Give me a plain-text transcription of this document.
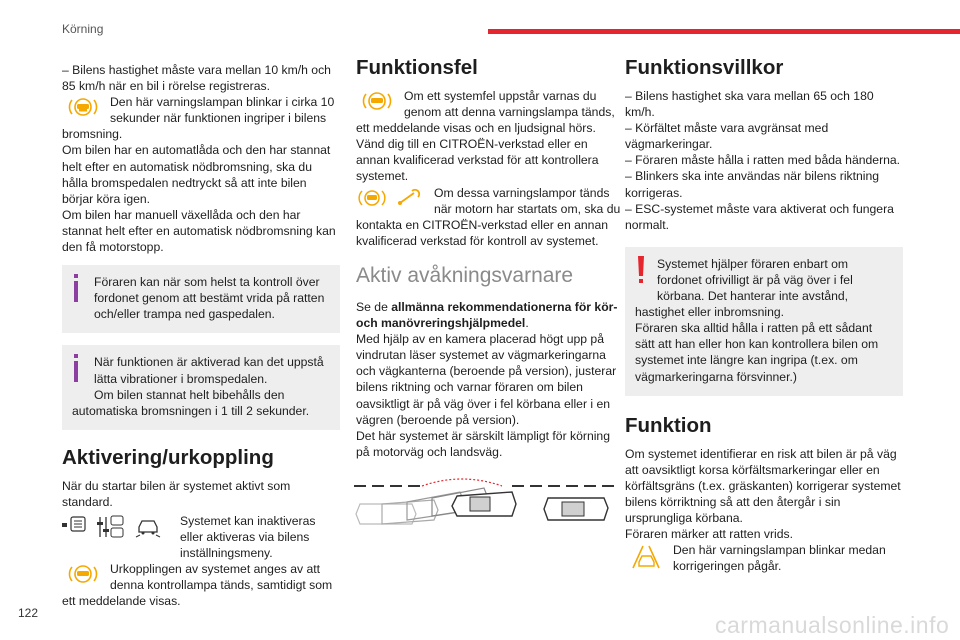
Körning

– Bilens hastighet måste vara mellan 10 km/h och 85 km/h när en bil i rörelse registreras.

Den här varningslampan blinkar i cirka 10 sekunder när funktionen ingriper i bilens bromsning.

Om bilen har en automatlåda och den har stannat helt efter en automatisk nödbromsning, ska du hålla bromspedalen nedtryckt så att inte bilen börjar köra igen.

Om bilen har manuell växellåda och den har stannat helt efter en automatisk nödbromsning kan den få motorstopp.

Föraren kan när som helst ta kontroll över fordonet genom att bestämt vrida på ratten och/eller trampa ned gaspedalen.

När funktionen är aktiverad kan det uppstå lätta vibrationer i bromspedalen.

Om bilen stannat helt bibehålls den automatiska bromsningen i 1 till 2 sekunder.

Aktivering/urkoppling

När du startar bilen är systemet aktivt som standard.

Systemet kan inaktiveras eller aktiveras via bilens inställningsmeny.

Urkopplingen av systemet anges av att denna kontrollampa tänds, samtidigt som ett meddelande visas.

Funktionsfel

Om ett systemfel uppstår varnas du genom att denna varningslampa tänds, ett meddelande visas och en ljudsignal hörs.

Vänd dig till en CITROËN-verkstad eller en annan kvalificerad verkstad för att kontrollera systemet.

Om dessa varningslampor tänds när motorn har startats om, ska du kontakta en CITROËN-verkstad eller en annan kvalificerad verkstad för kontroll av systemet.

Aktiv avåkningsvarnare

Se de allmänna rekommendationerna för kör- och manövreringshjälpmedel.

Med hjälp av en kamera placerad högt upp på vindrutan läser systemet av vägmarkeringarna och vägkanterna (beroende på version), justerar bilens riktning och varnar föraren om bilen oavsiktligt är på väg över i fel körbana eller i en vägren (beroende på version).

Det här systemet är särskilt lämpligt för körning på motorväg och landsväg.

Funktionsvillkor

– Bilens hastighet ska vara mellan 65 och 180 km/h.

– Körfältet måste vara avgränsat med vägmarkeringar.

– Föraren måste hålla i ratten med båda händerna.

– Blinkers ska inte användas när bilens riktning korrigeras.

– ESC-systemet måste vara aktiverat och fungera normalt.

Systemet hjälper föraren enbart om fordonet ofrivilligt är på väg över i fel körbana. Det hanterar inte avstånd, hastighet eller inbromsning.

Föraren ska alltid hålla i ratten på ett sådant sätt att han eller hon kan kontrollera bilen om systemet inte längre kan ingripa (t.ex. om vägmarkeringarna försvinner.)

Funktion

Om systemet identifierar en risk att bilen är på väg att oavsiktligt korsa körfältsmarkeringar eller en körfältsgräns (t.ex. gräskanten) korrigerar systemet bilens körriktning så att den återgår i sin ursprungliga körbana.

Föraren märker att ratten vrids.

Den här varningslampan blinkar medan korrigeringen pågår.

122	carmanualsonline.info
